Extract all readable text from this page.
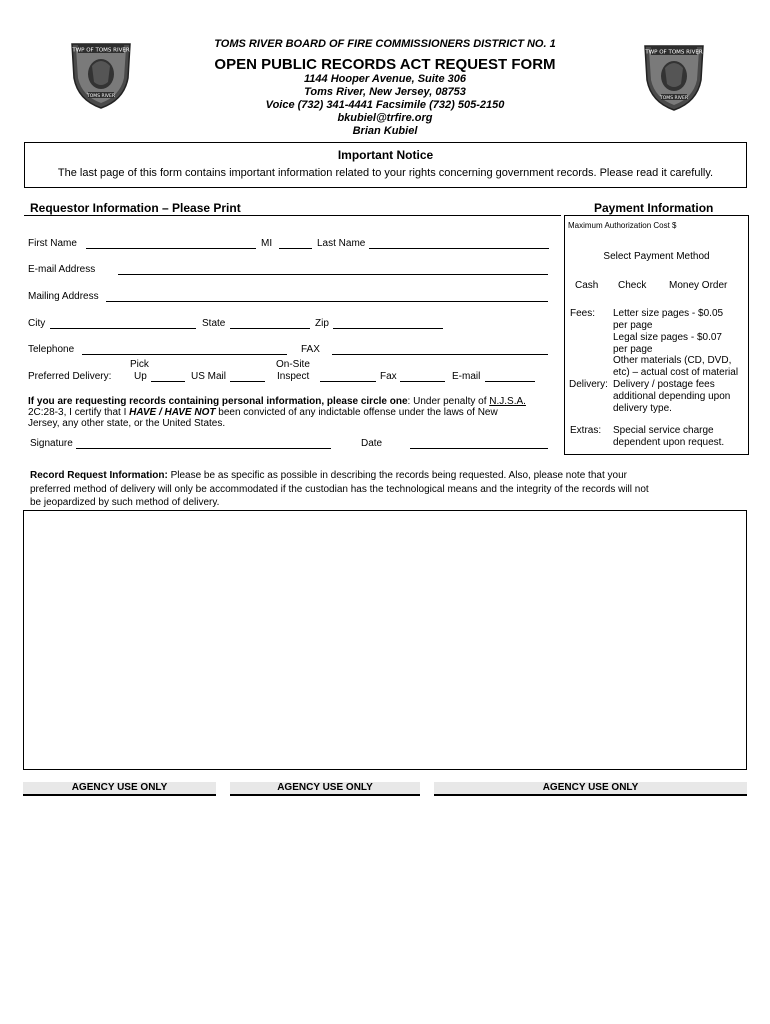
TWP OF TOMS RIVER
TOMS RIVER
TWP OF TOMS RIVER
TOMS RIVER
TOMS RIVER BOARD OF FIRE COMMISSIONERS DISTRICT NO. 1
OPEN PUBLIC RECORDS ACT REQUEST FORM
1144 Hooper Avenue, Suite 306
Toms River, New Jersey, 08753
Voice (732) 341-4441 Facsimile (732) 505-2150
bkubiel@trfire.org
Brian Kubiel
Important Notice
The last page of this form contains important information related to your rights concerning government records. Please read it carefully.
Requestor Information – Please Print	Payment Information
First Name	MI	Last Name
E-mail Address
Mailing Address
City	State	Zip
Telephone	FAX
Pick	On-Site
Preferred Delivery: Up	US Mail	Inspect	Fax	E-mail
If you are requesting records containing personal information, please circle one: Under penalty of N.J.S.A.
2C:28-3, I certify that I HAVE / HAVE NOT been convicted of any indictable offense under the laws of New
Jersey, any other state, or the United States.
Signature	Date
Maximum Authorization Cost $
Select Payment Method
Cash Check Money Order
Fees: Letter size pages - $0.05
per page
Legal size pages - $0.07
per page
Other materials (CD, DVD,
etc) – actual cost of material
Delivery: Delivery / postage fees
additional depending upon
delivery type.
Extras: Special service charge
dependent upon request.
Record Request Information: Please be as specific as possible in describing the records being requested. Also, please note that your
preferred method of delivery will only be accommodated if the custodian has the technological means and the integrity of the records will not
be jeopardized by such method of delivery.
AGENCY USE ONLY	AGENCY USE ONLY	AGENCY USE ONLY
